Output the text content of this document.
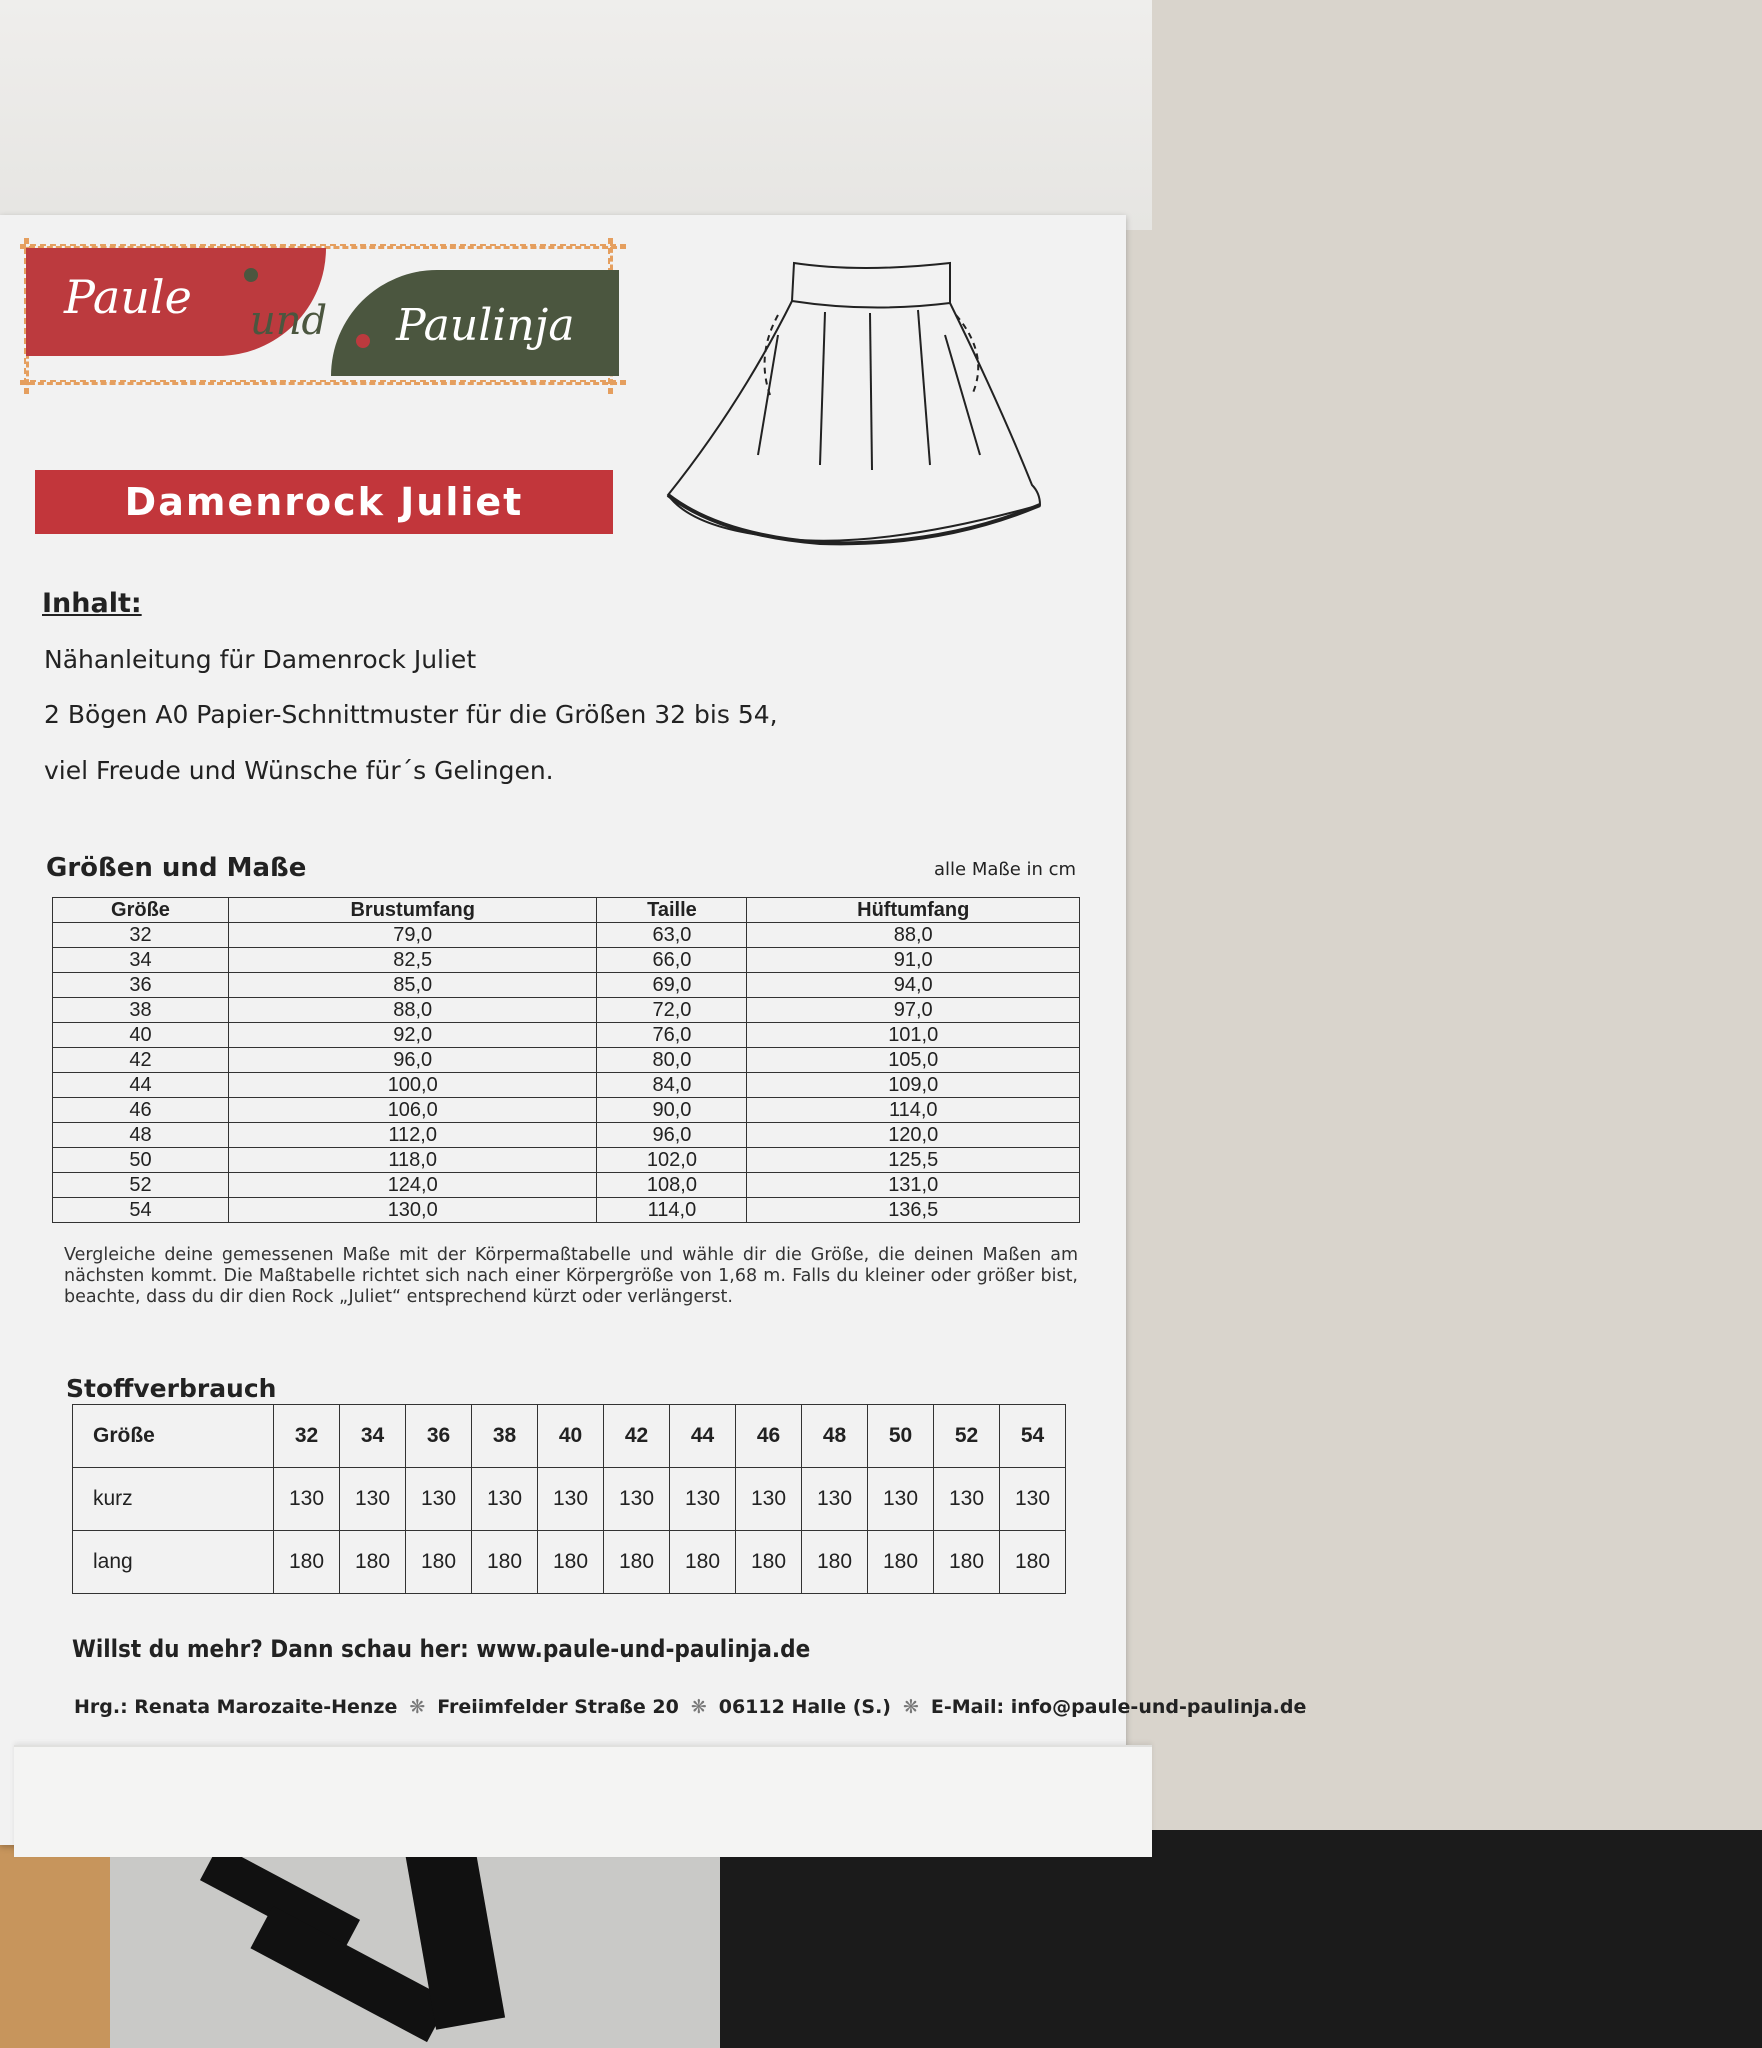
Paule und Paulinja
Damenrock Juliet
Inhalt:
Nähanleitung für Damenrock Juliet
2 Bögen A0 Papier-Schnittmuster für die Größen 32 bis 54,
viel Freude und Wünsche für´s Gelingen.
Größen und Maße	alle Maße in cm
Größe	Brustumfang	Taille	Hüftumfang
32	79,0	63,0	88,0
34	82,5	66,0	91,0
36	85,0	69,0	94,0
38	88,0	72,0	97,0
40	92,0	76,0	101,0
42	96,0	80,0	105,0
44	100,0	84,0	109,0
46	106,0	90,0	114,0
48	112,0	96,0	120,0
50	118,0	102,0	125,5
52	124,0	108,0	131,0
54	130,0	114,0	136,5
Vergleiche deine gemessenen Maße mit der Körpermaßtabelle und wähle dir die Größe, die deinen Maßen am nächsten kommt. Die Maßtabelle richtet sich nach einer Körpergröße von 1,68 m. Falls du kleiner oder größer bist, beachte, dass du dir dien Rock „Juliet“ entsprechend kürzt oder verlängerst.
Stoffverbrauch
Größe	32	34	36	38	40	42	44	46	48	50	52	54
kurz	130	130	130	130	130	130	130	130	130	130	130	130
lang	180	180	180	180	180	180	180	180	180	180	180	180
Willst du mehr? Dann schau her: www.paule-und-paulinja.de
Hrg.: Renata Marozaite-Henze ❋ Freiimfelder Straße 20 ❋ 06112 Halle (S.) ❋ E-Mail: info@paule-und-paulinja.de
